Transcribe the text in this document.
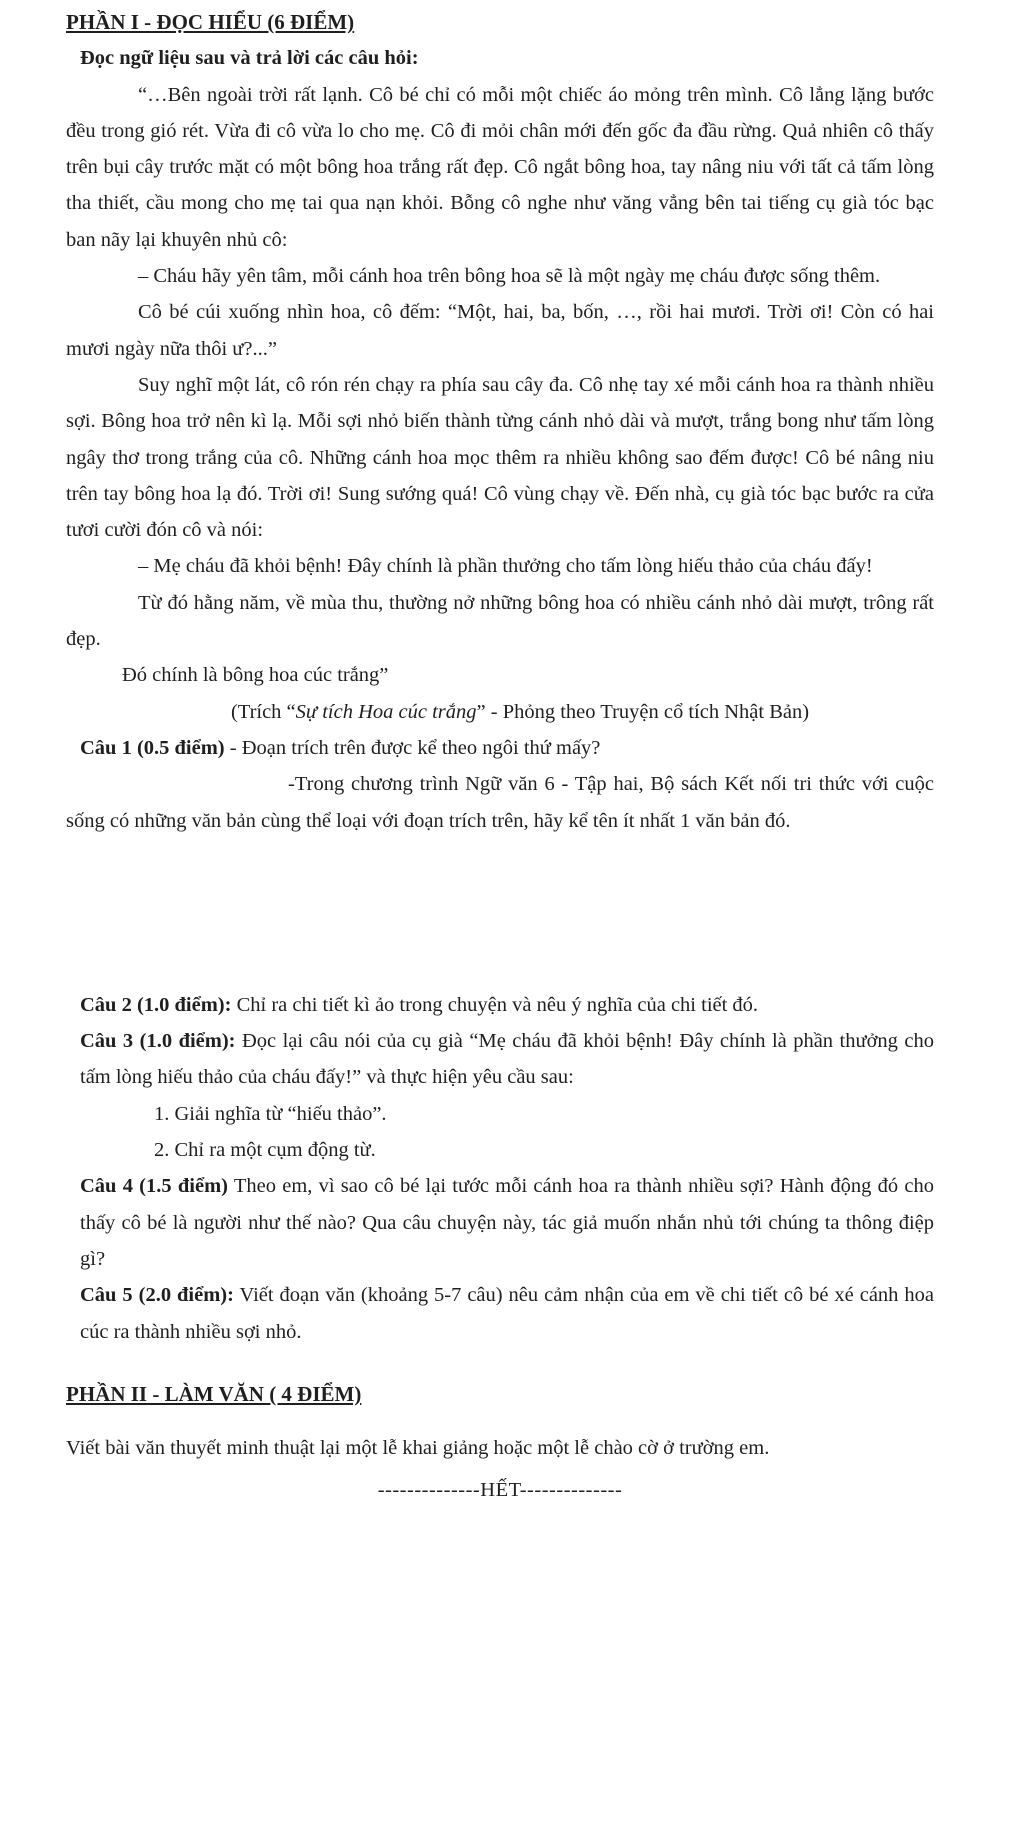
PHẦN I - ĐỌC HIỂU (6 ĐIỂM)

Đọc ngữ liệu sau và trả lời các câu hỏi:

“…Bên ngoài trời rất lạnh. Cô bé chỉ có mỗi một chiếc áo mỏng trên mình. Cô lẳng lặng bước đều trong gió rét. Vừa đi cô vừa lo cho mẹ. Cô đi mỏi chân mới đến gốc đa đầu rừng. Quả nhiên cô thấy trên bụi cây trước mặt có một bông hoa trắng rất đẹp. Cô ngắt bông hoa, tay nâng niu với tất cả tấm lòng tha thiết, cầu mong cho mẹ tai qua nạn khỏi. Bỗng cô nghe như văng vẳng bên tai tiếng cụ già tóc bạc ban nãy lại khuyên nhủ cô:

– Cháu hãy yên tâm, mỗi cánh hoa trên bông hoa sẽ là một ngày mẹ cháu được sống thêm.

Cô bé cúi xuống nhìn hoa, cô đếm: “Một, hai, ba, bốn, …, rồi hai mươi. Trời ơi! Còn có hai mươi ngày nữa thôi ư?...”

Suy nghĩ một lát, cô rón rén chạy ra phía sau cây đa. Cô nhẹ tay xé mỗi cánh hoa ra thành nhiều sợi. Bông hoa trở nên kì lạ. Mỗi sợi nhỏ biến thành từng cánh nhỏ dài và mượt, trắng bong như tấm lòng ngây thơ trong trắng của cô. Những cánh hoa mọc thêm ra nhiều không sao đếm được! Cô bé nâng niu trên tay bông hoa lạ đó. Trời ơi! Sung sướng quá! Cô vùng chạy về. Đến nhà, cụ già tóc bạc bước ra cửa tươi cười đón cô và nói:

– Mẹ cháu đã khỏi bệnh! Đây chính là phần thưởng cho tấm lòng hiếu thảo của cháu đấy!

Từ đó hằng năm, về mùa thu, thường nở những bông hoa có nhiều cánh nhỏ dài mượt, trông rất đẹp.

Đó chính là bông hoa cúc trắng”

(Trích “Sự tích Hoa cúc trắng” - Phỏng theo Truyện cổ tích Nhật Bản)

Câu 1 (0.5 điểm) - Đoạn trích trên được kể theo ngôi thứ mấy?

-Trong chương trình Ngữ văn 6 - Tập hai, Bộ sách Kết nối tri thức với cuộc sống có những văn bản cùng thể loại với đoạn trích trên, hãy kể tên ít nhất 1 văn bản đó.

Câu 2 (1.0 điểm): Chỉ ra chi tiết kì ảo trong chuyện và nêu ý nghĩa của chi tiết đó.

Câu 3 (1.0 điểm): Đọc lại câu nói của cụ già “Mẹ cháu đã khỏi bệnh! Đây chính là phần thưởng cho tấm lòng hiếu thảo của cháu đấy!” và thực hiện yêu cầu sau:

1. Giải nghĩa từ “hiếu thảo”.
2. Chỉ ra một cụm động từ.

Câu 4 (1.5 điểm) Theo em, vì sao cô bé lại tước mỗi cánh hoa ra thành nhiều sợi? Hành động đó cho thấy cô bé là người như thế nào? Qua câu chuyện này, tác giả muốn nhắn nhủ tới chúng ta thông điệp gì?

Câu 5 (2.0 điểm): Viết đoạn văn (khoảng 5-7 câu) nêu cảm nhận của em về chi tiết cô bé xé cánh hoa cúc ra thành nhiều sợi nhỏ.

PHẦN II - LÀM VĂN ( 4 ĐIỂM)

Viết bài văn thuyết minh thuật lại một lễ khai giảng hoặc một lễ chào cờ ở trường em.

--------------HẾT--------------
